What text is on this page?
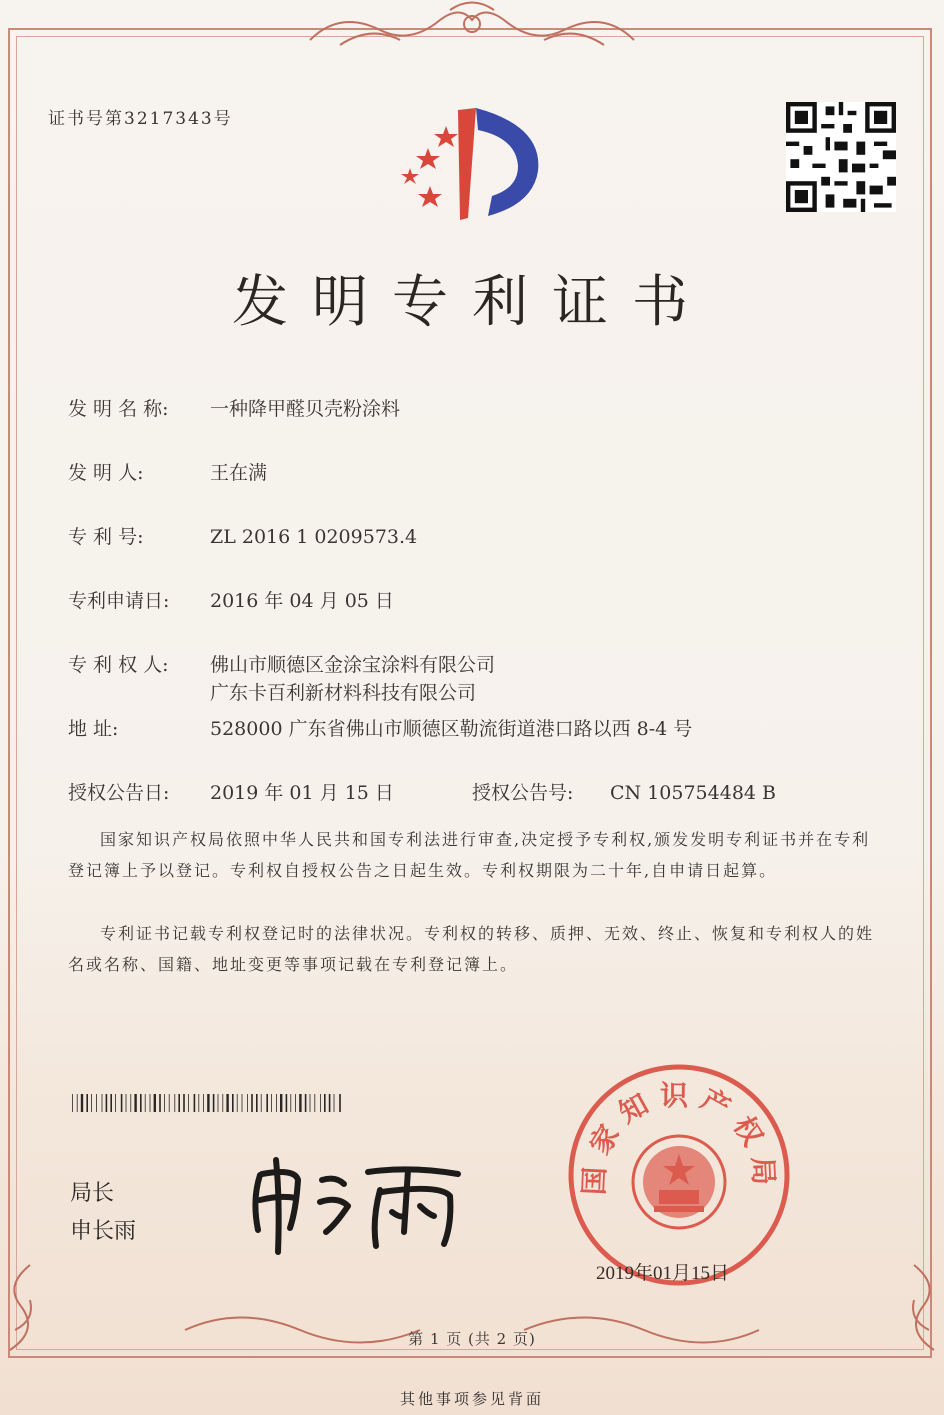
证书号第3217343号
发明专利证书
发 明 名 称: 一种降甲醛贝壳粉涂料
发 明 人:	王在满
专 利 号:	ZL 2016 1 0209573.4
专利申请日: 2016 年 04 月 05 日
专 利 权 人: 佛山市顺德区金涂宝涂料有限公司
广东卡百利新材料科技有限公司
地 址:	528000 广东省佛山市顺德区勒流街道港口路以西 8-4 号
授权公告日: 2019 年 01 月 15 日	授权公告号: CN 105754484 B
国家知识产权局依照中华人民共和国专利法进行审查,决定授予专利权,颁发发明专利证书并在专利登记簿上予以登记。专利权自授权公告之日起生效。专利权期限为二十年,自申请日起算。
专利证书记载专利权登记时的法律状况。专利权的转移、质押、无效、终止、恢复和专利权人的姓名或名称、国籍、地址变更等事项记载在专利登记簿上。
局长
申长雨
国家知识产权局
2019年01月15日
第 1 页 (共 2 页)
其他事项参见背面
